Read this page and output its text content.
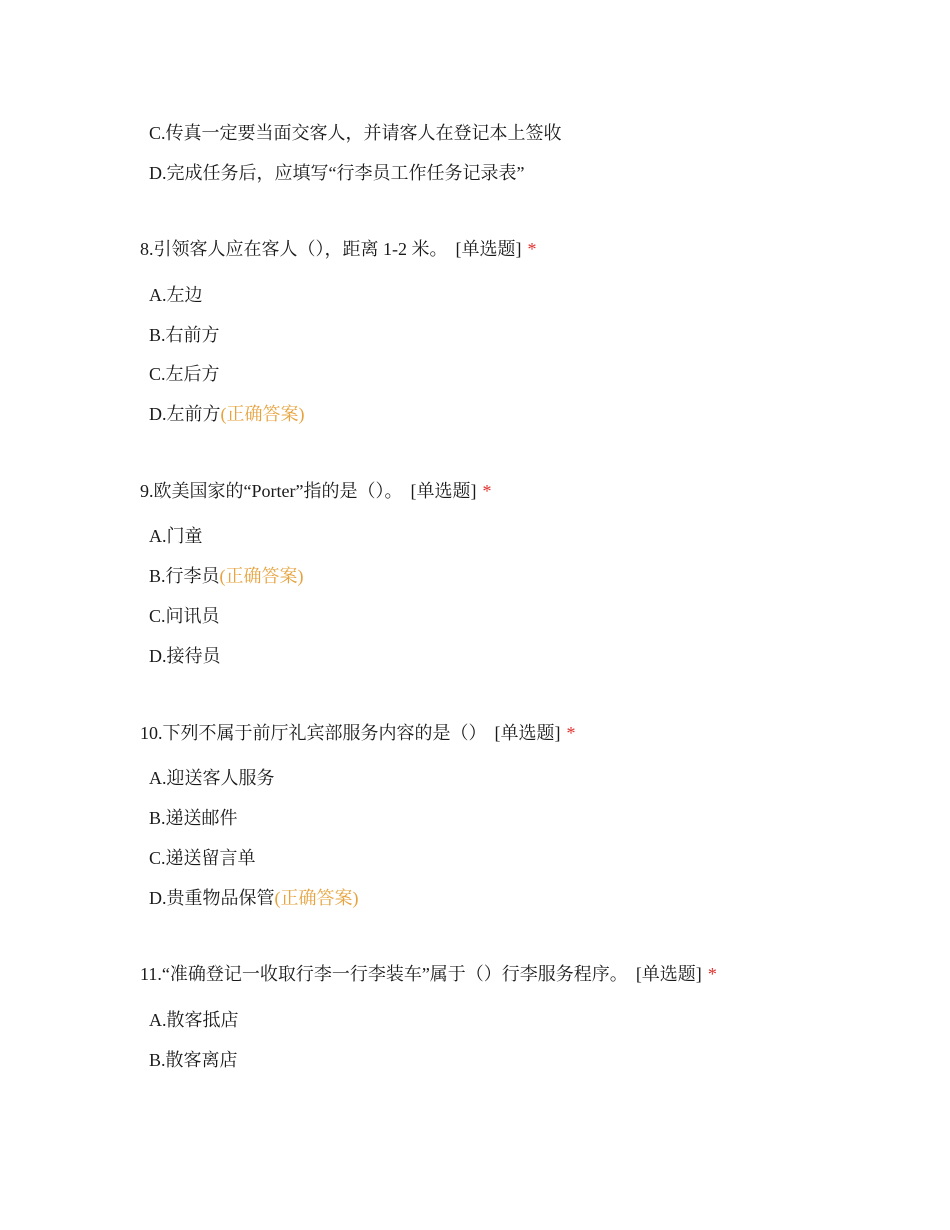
C.传真一定要当面交客人，并请客人在登记本上签收
D.完成任务后，应填写“行李员工作任务记录表”
8.引领客人应在客人（），距离 1-2 米。 [单选题] *
A.左边
B.右前方
C.左后方
D.左前方(正确答案)
9.欧美国家的“Porter”指的是（）。 [单选题] *
A.门童
B.行李员(正确答案)
C.问讯员
D.接待员
10.下列不属于前厅礼宾部服务内容的是（） [单选题] *
A.迎送客人服务
B.递送邮件
C.递送留言单
D.贵重物品保管(正确答案)
11.“准确登记一收取行李一行李装车”属于（）行李服务程序。 [单选题] *
A.散客抵店
B.散客离店
